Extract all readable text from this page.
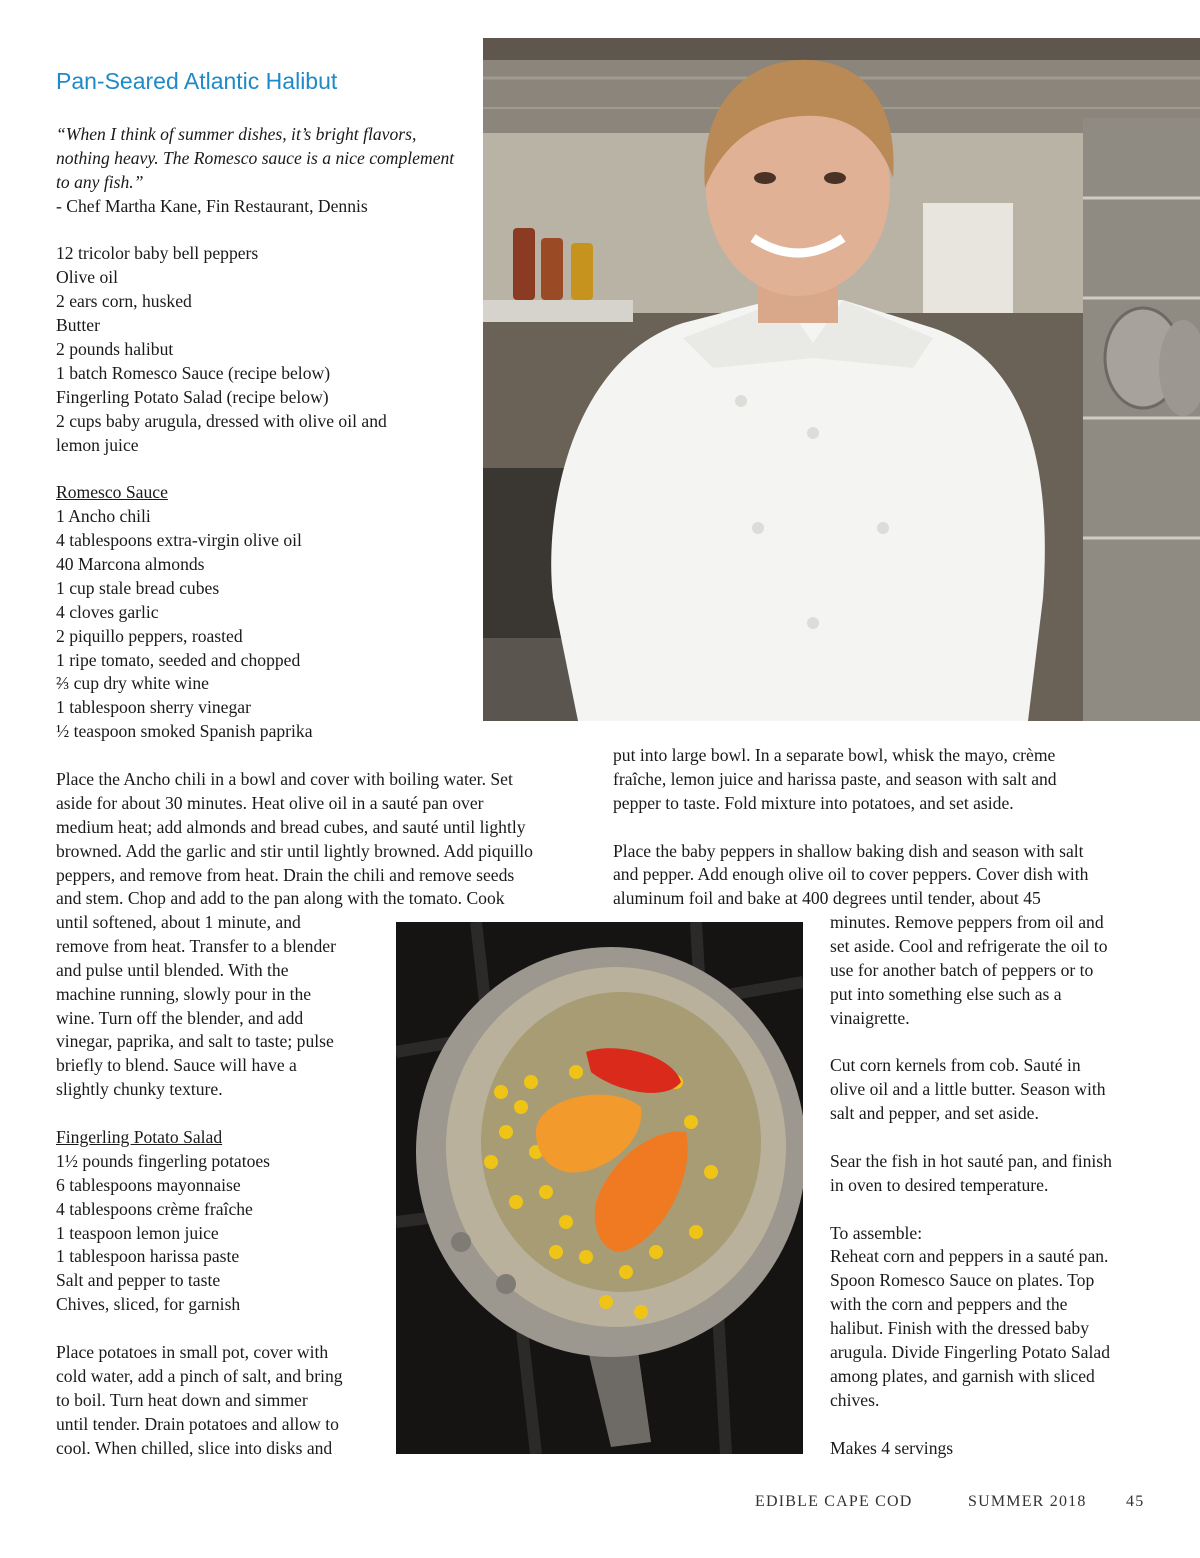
Pan-Seared Atlantic Halibut
“When I think of summer dishes, it’s bright flavors,
nothing heavy. The Romesco sauce is a nice complement
to any fish.”
- Chef Martha Kane, Fin Restaurant, Dennis
12 tricolor baby bell peppers
Olive oil
2 ears corn, husked
Butter
2 pounds halibut
1 batch Romesco Sauce (recipe below)
Fingerling Potato Salad (recipe below)
2 cups baby arugula, dressed with olive oil and
lemon juice
Romesco Sauce
1 Ancho chili
4 tablespoons extra-virgin olive oil
40 Marcona almonds
1 cup stale bread cubes
4 cloves garlic
2 piquillo peppers, roasted
1 ripe tomato, seeded and chopped
⅔ cup dry white wine
1 tablespoon sherry vinegar
½ teaspoon smoked Spanish paprika
Place the Ancho chili in a bowl and cover with boiling water. Set
aside for about 30 minutes. Heat olive oil in a sauté pan over
medium heat; add almonds and bread cubes, and sauté until lightly
browned. Add the garlic and stir until lightly browned. Add piquillo
peppers, and remove from heat. Drain the chili and remove seeds
and stem. Chop and add to the pan along with the tomato. Cook
until softened, about 1 minute, and
remove from heat. Transfer to a blender
and pulse until blended. With the
machine running, slowly pour in the
wine. Turn off the blender, and add
vinegar, paprika, and salt to taste; pulse
briefly to blend. Sauce will have a
slightly chunky texture.
Fingerling Potato Salad
1½ pounds fingerling potatoes
6 tablespoons mayonnaise
4 tablespoons crème fraîche
1 teaspoon lemon juice
1 tablespoon harissa paste
Salt and pepper to taste
Chives, sliced, for garnish
Place potatoes in small pot, cover with
cold water, add a pinch of salt, and bring
to boil. Turn heat down and simmer
until tender. Drain potatoes and allow to
cool. When chilled, slice into disks and
put into large bowl. In a separate bowl, whisk the mayo, crème
fraîche, lemon juice and harissa paste, and season with salt and
pepper to taste. Fold mixture into potatoes, and set aside.
Place the baby peppers in shallow baking dish and season with salt
and pepper. Add enough olive oil to cover peppers. Cover dish with
aluminum foil and bake at 400 degrees until tender, about 45
minutes. Remove peppers from oil and
set aside. Cool and refrigerate the oil to
use for another batch of peppers or to
put into something else such as a
vinaigrette.
Cut corn kernels from cob. Sauté in
olive oil and a little butter. Season with
salt and pepper, and set aside.
Sear the fish in hot sauté pan, and finish
in oven to desired temperature.
To assemble:
Reheat corn and peppers in a sauté pan.
Spoon Romesco Sauce on plates. Top
with the corn and peppers and the
halibut. Finish with the dressed baby
arugula. Divide Fingerling Potato Salad
among plates, and garnish with sliced
chives.
Makes 4 servings
EDIBLE CAPE COD	SUMMER 2018 45
